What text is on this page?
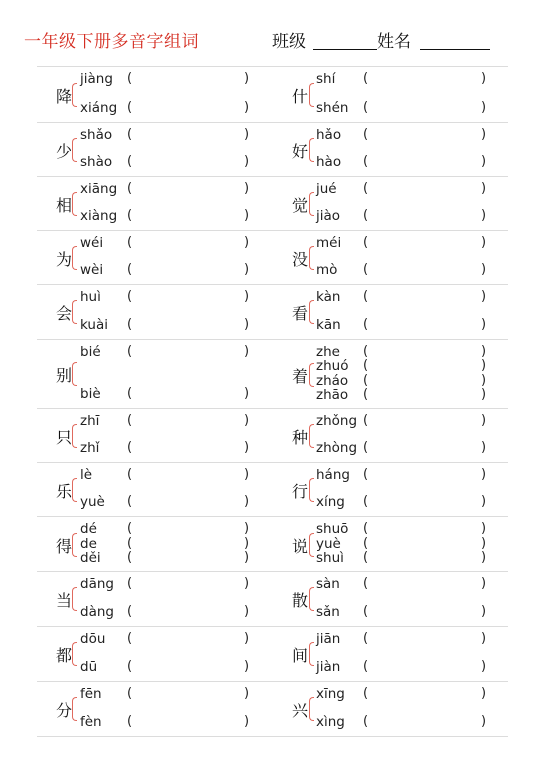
一年级下册多音字组词	班级	姓名
降
jiàng (	)
xiáng (	)
什
shí (	)
shén (	)
少
shǎo (	)
shào (	)
好
hǎo (	)
hào (	)
相
xiāng (	)
xiàng (	)
觉
jué (	)
jiào (	)
为
wéi (	)
wèi (	)
没
méi (	)
mò (	)
会
huì (	)
kuài (	)
看
kàn (	)
kān (	)
别
bié (	)
biè (	)
着
zhe (	)
zhuó (	)
zháo (	)
zhāo (	)
只
zhī (	)
zhǐ (	)
种
zhǒng (	)
zhòng (	)
乐
lè	(	)
yuè (	)
行
háng (	)
xíng (	)
得
dé (	)
de (	)
děi (	)
说
shuō (	)
yuè (	)
shuì (	)
当
dāng (	)
dàng (	)
散
sàn (	)
sǎn (	)
都
dōu (	)
dū (	)
间
jiān (	)
jiàn (	)
分
fēn (	)
fèn (	)
兴
xīng (	)
xìng (	)
